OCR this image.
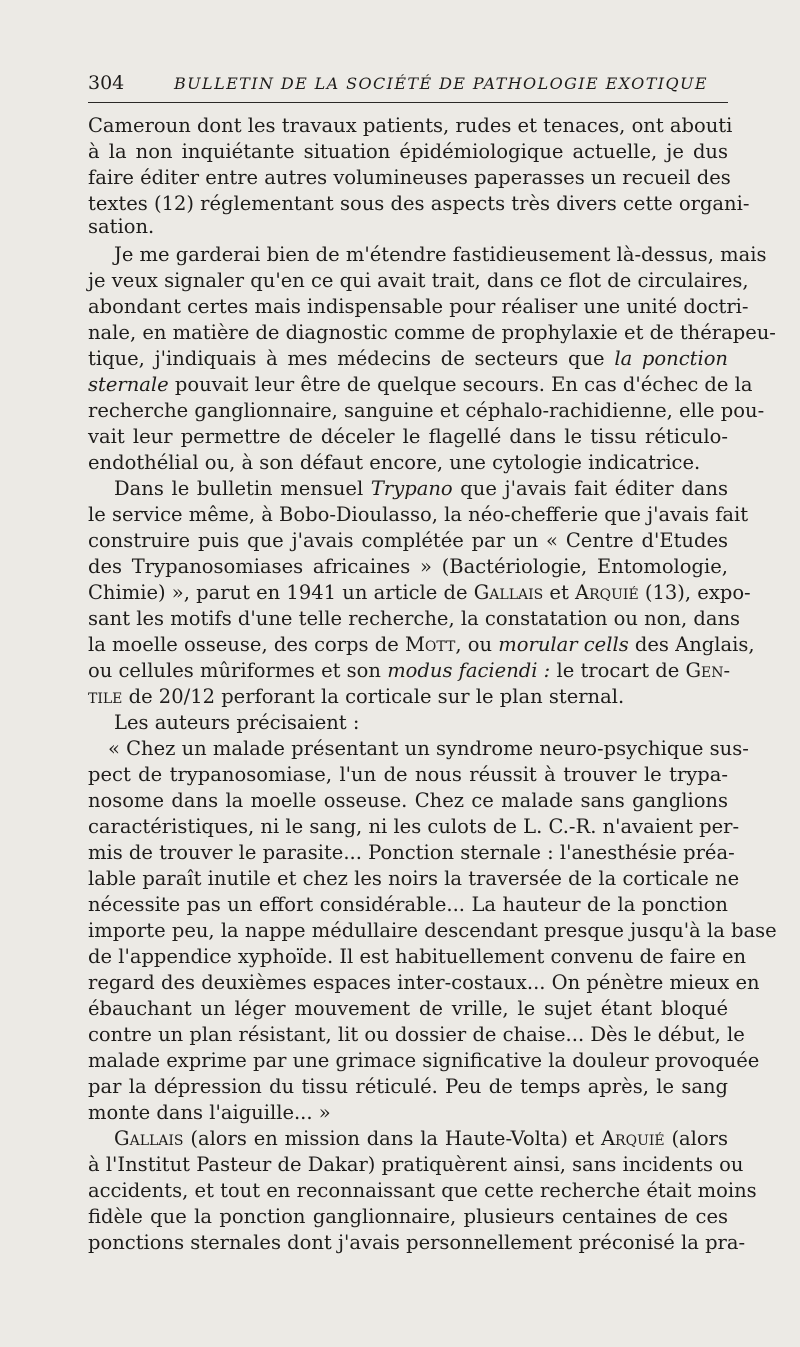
304	BULLETIN DE LA SOCIÉTÉ DE PATHOLOGIE EXOTIQUE
Cameroun dont les travaux patients, rudes et tenaces, ont abouti
à la non inquiétante situation épidémiologique actuelle, je dus
faire éditer entre autres volumineuses paperasses un recueil des
textes (12) réglementant sous des aspects très divers cette organi-
sation.
Je me garderai bien de m'étendre fastidieusement là-dessus, mais
je veux signaler qu'en ce qui avait trait, dans ce flot de circulaires,
abondant certes mais indispensable pour réaliser une unité doctri-
nale, en matière de diagnostic comme de prophylaxie et de thérapeu-
tique, j'indiquais à mes médecins de secteurs que la ponction
sternale pouvait leur être de quelque secours. En cas d'échec de la
recherche ganglionnaire, sanguine et céphalo-rachidienne, elle pou-
vait leur permettre de déceler le flagellé dans le tissu réticulo-
endothélial ou, à son défaut encore, une cytologie indicatrice.
Dans le bulletin mensuel Trypano que j'avais fait éditer dans
le service même, à Bobo-Dioulasso, la néo-chefferie que j'avais fait
construire puis que j'avais complétée par un « Centre d'Etudes
des Trypanosomiases africaines » (Bactériologie, Entomologie,
Chimie) », parut en 1941 un article de Gallais et Arquié (13), expo-
sant les motifs d'une telle recherche, la constatation ou non, dans
la moelle osseuse, des corps de Mott, ou morular cells des Anglais,
ou cellules mûriformes et son modus faciendi : le trocart de Gen-
tile de 20/12 perforant la corticale sur le plan sternal.
Les auteurs précisaient :
« Chez un malade présentant un syndrome neuro-psychique sus-
pect de trypanosomiase, l'un de nous réussit à trouver le trypa-
nosome dans la moelle osseuse. Chez ce malade sans ganglions
caractéristiques, ni le sang, ni les culots de L. C.-R. n'avaient per-
mis de trouver le parasite... Ponction sternale : l'anesthésie préa-
lable paraît inutile et chez les noirs la traversée de la corticale ne
nécessite pas un effort considérable... La hauteur de la ponction
importe peu, la nappe médullaire descendant presque jusqu'à la base
de l'appendice xyphoïde. Il est habituellement convenu de faire en
regard des deuxièmes espaces inter-costaux... On pénètre mieux en
ébauchant un léger mouvement de vrille, le sujet étant bloqué
contre un plan résistant, lit ou dossier de chaise... Dès le début, le
malade exprime par une grimace significative la douleur provoquée
par la dépression du tissu réticulé. Peu de temps après, le sang
monte dans l'aiguille... »
Gallais (alors en mission dans la Haute-Volta) et Arquié (alors
à l'Institut Pasteur de Dakar) pratiquèrent ainsi, sans incidents ou
accidents, et tout en reconnaissant que cette recherche était moins
fidèle que la ponction ganglionnaire, plusieurs centaines de ces
ponctions sternales dont j'avais personnellement préconisé la pra-
